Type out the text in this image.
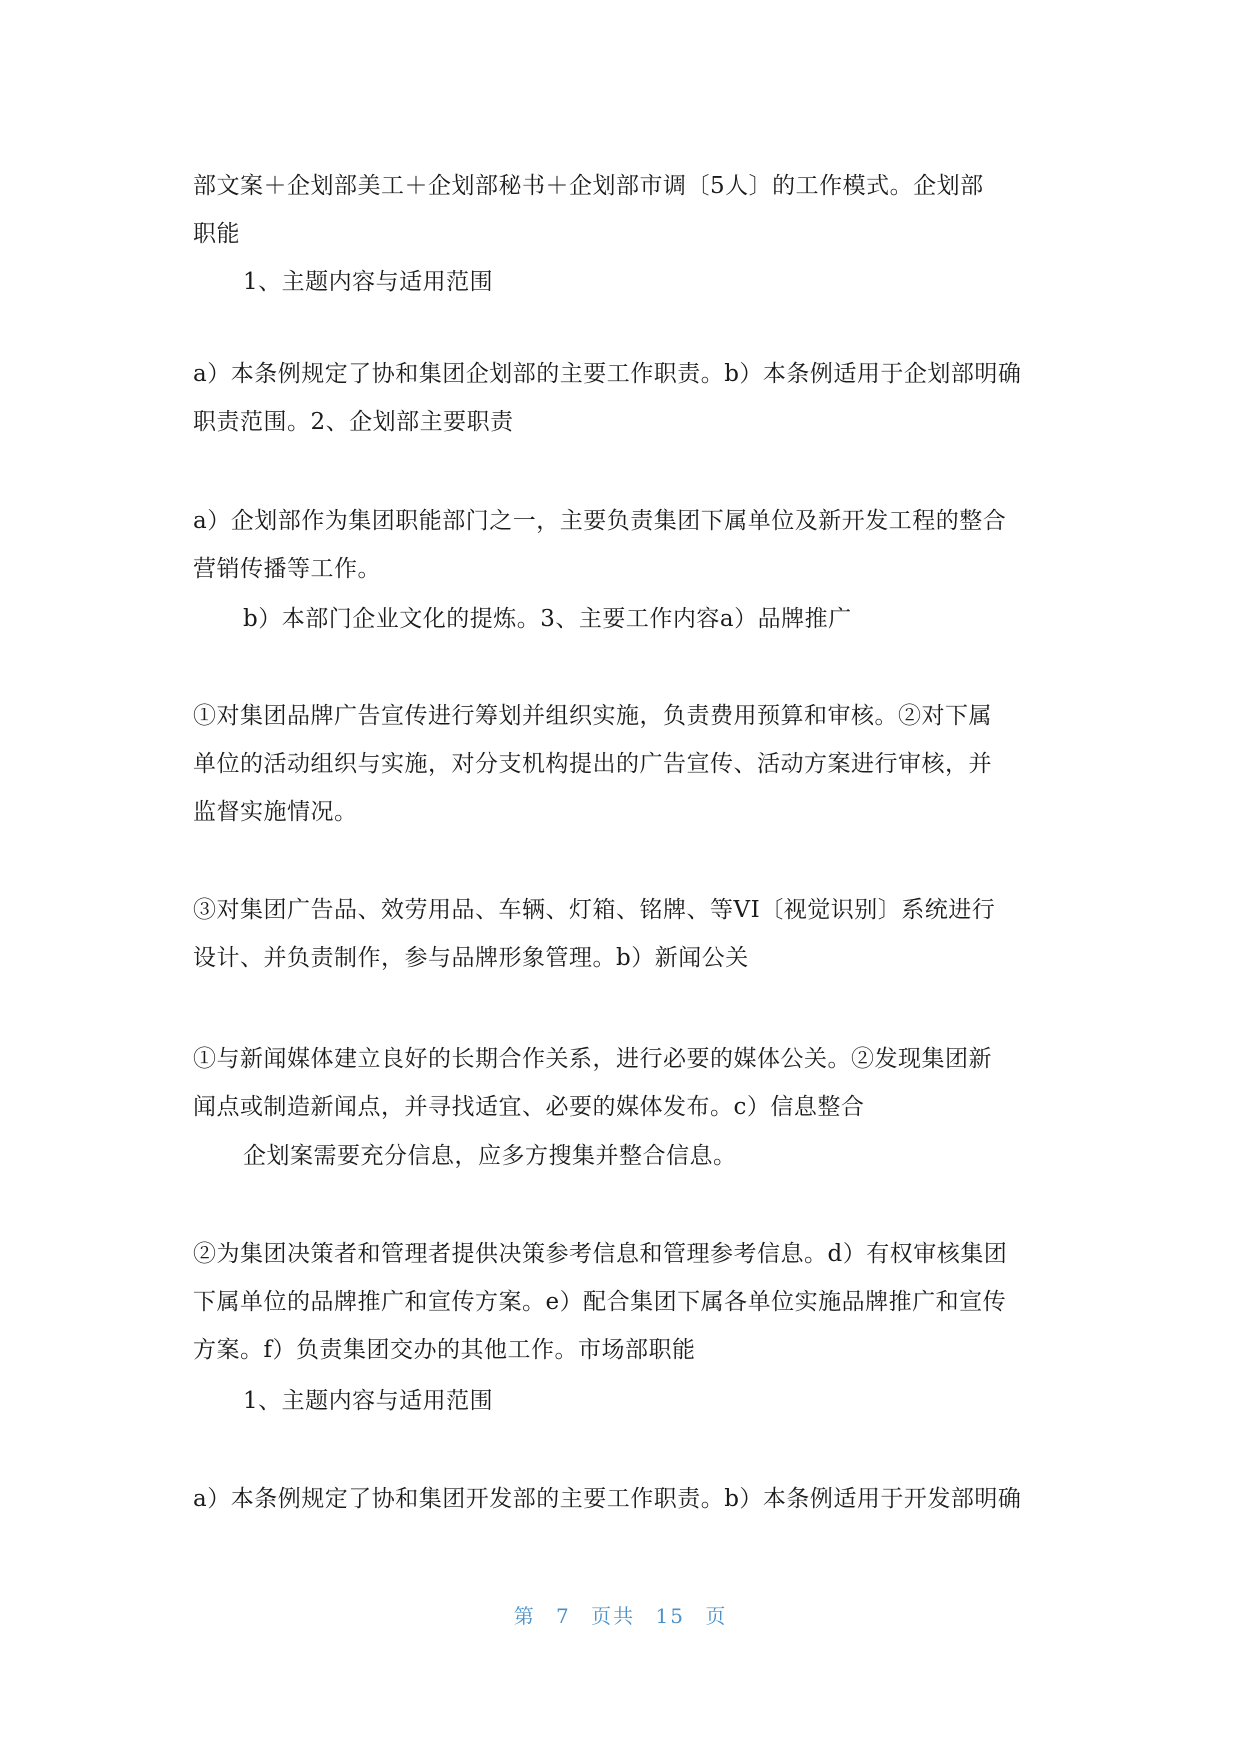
部文案＋企划部美工＋企划部秘书＋企划部市调〔5人〕的工作模式。企划部
职能

1、主题内容与适用范围

a）本条例规定了协和集团企划部的主要工作职责。b）本条例适用于企划部明确
职责范围。2、企划部主要职责

a）企划部作为集团职能部门之一，主要负责集团下属单位及新开发工程的整合
营销传播等工作。

b）本部门企业文化的提炼。3、主要工作内容a）品牌推广

①对集团品牌广告宣传进行筹划并组织实施，负责费用预算和审核。②对下属
单位的活动组织与实施，对分支机构提出的广告宣传、活动方案进行审核，并
监督实施情况。

③对集团广告品、效劳用品、车辆、灯箱、铭牌、等VI〔视觉识别〕系统进行
设计、并负责制作，参与品牌形象管理。b）新闻公关

①与新闻媒体建立良好的长期合作关系，进行必要的媒体公关。②发现集团新
闻点或制造新闻点，并寻找适宜、必要的媒体发布。c）信息整合

企划案需要充分信息，应多方搜集并整合信息。

②为集团决策者和管理者提供决策参考信息和管理参考信息。d）有权审核集团
下属单位的品牌推广和宣传方案。e）配合集团下属各单位实施品牌推广和宣传
方案。f）负责集团交办的其他工作。市场部职能

1、主题内容与适用范围

a）本条例规定了协和集团开发部的主要工作职责。b）本条例适用于开发部明确

第 7 页共 15 页
